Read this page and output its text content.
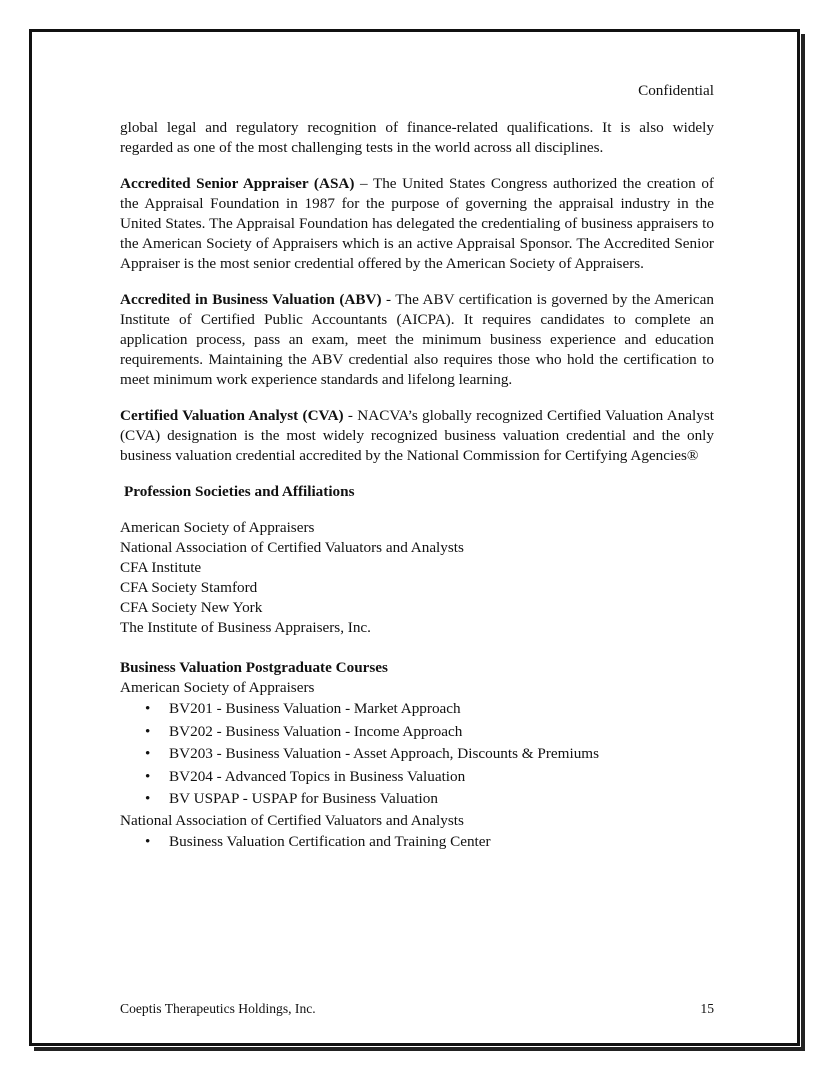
Confidential

global legal and regulatory recognition of finance-related qualifications. It is also widely regarded as one of the most challenging tests in the world across all disciplines.

Accredited Senior Appraiser (ASA) – The United States Congress authorized the creation of the Appraisal Foundation in 1987 for the purpose of governing the appraisal industry in the United States. The Appraisal Foundation has delegated the credentialing of business appraisers to the American Society of Appraisers which is an active Appraisal Sponsor. The Accredited Senior Appraiser is the most senior credential offered by the American Society of Appraisers.

Accredited in Business Valuation (ABV) - The ABV certification is governed by the American Institute of Certified Public Accountants (AICPA). It requires candidates to complete an application process, pass an exam, meet the minimum business experience and education requirements. Maintaining the ABV credential also requires those who hold the certification to meet minimum work experience standards and lifelong learning.

Certified Valuation Analyst (CVA) - NACVA’s globally recognized Certified Valuation Analyst (CVA) designation is the most widely recognized business valuation credential and the only business valuation credential accredited by the National Commission for Certifying Agencies®

Profession Societies and Affiliations

American Society of Appraisers
National Association of Certified Valuators and Analysts
CFA Institute
CFA Society Stamford
CFA Society New York
The Institute of Business Appraisers, Inc.

Business Valuation Postgraduate Courses

American Society of Appraisers
• BV201 - Business Valuation - Market Approach
• BV202 - Business Valuation - Income Approach
• BV203 - Business Valuation - Asset Approach, Discounts & Premiums
• BV204 - Advanced Topics in Business Valuation
• BV USPAP - USPAP for Business Valuation
National Association of Certified Valuators and Analysts
• Business Valuation Certification and Training Center
Coeptis Therapeutics Holdings, Inc.	15
